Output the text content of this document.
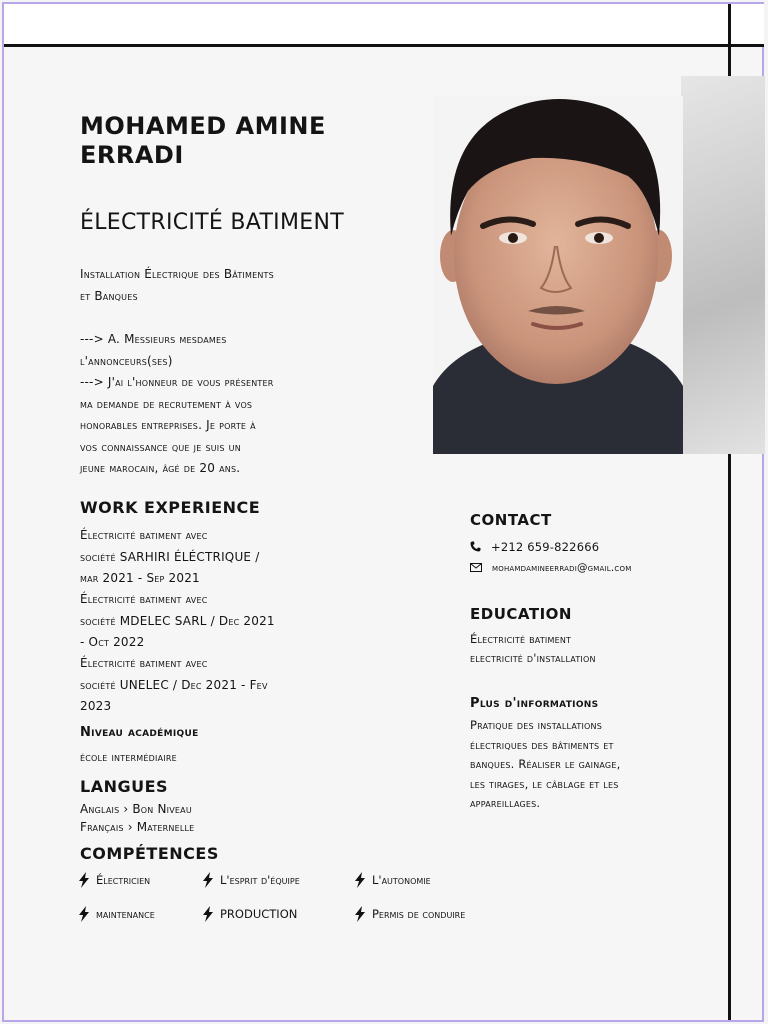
MOHAMED AMINE
ERRADI
ÉLECTRICITÉ BATIMENT
Installation Électrique des Bâtiments
et Banques
---> A. Messieurs mesdames
l'annonceurs(ses)
---> J'ai l'honneur de vous présenter
ma demande de recrutement à vos
honorables entreprises. Je porte à
vos connaissance que je suis un
jeune marocain, âgé de 20 ans.
WORK EXPERIENCE
Électricité batiment avec
société SARHIRI ÉLÉCTRIQUE /
mar 2021 - Sep 2021
Électricité batiment avec
société MDELEC SARL / Dec 2021
- Oct 2022
Électricité batiment avec
société UNELEC / Dec 2021 - Fev
2023
Niveau académique
école intermédiaire
LANGUES
Anglais › Bon Niveau
Français › Maternelle
COMPÉTENCES
Électricien	L'esprit d'équipe	L'autonomie
maintenance	PRODUCTION	Permis de conduire
CONTACT
+212 659-822666
mohamdamineerradi@gmail.com
EDUCATION
Électricité batiment
electricité d'installation
Plus d'informations
Pratique des installations
électriques des bâtiments et
banques. Réaliser le gainage,
les tirages, le câblage et les
appareillages.
